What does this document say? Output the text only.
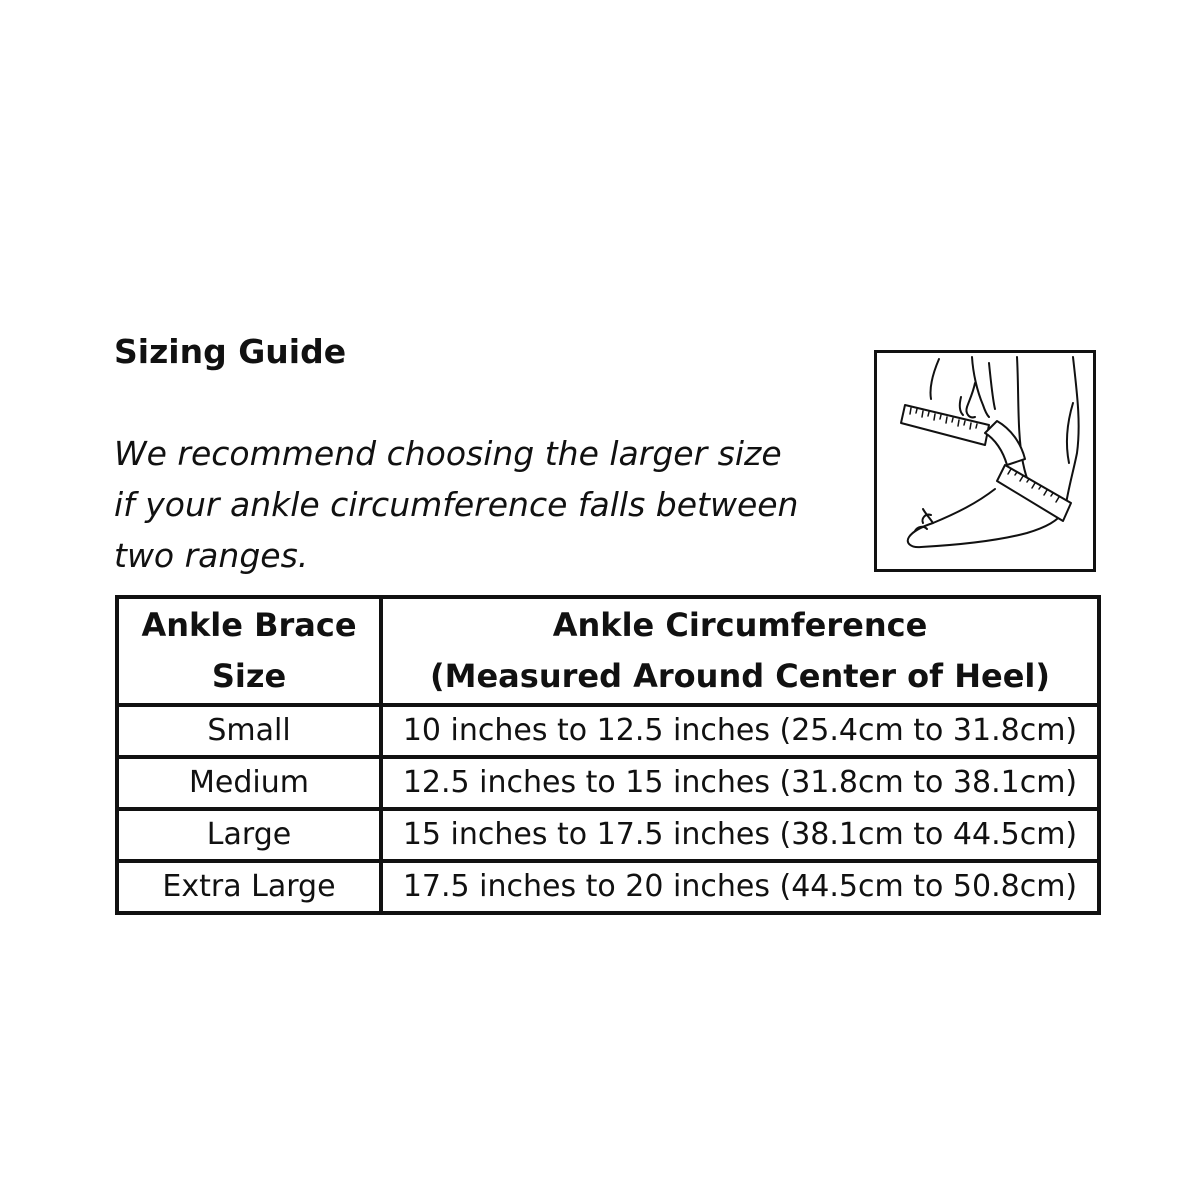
Sizing Guide
We recommend choosing the larger size
if your ankle circumference falls between
two ranges.
Ankle Brace
Size	Ankle Circumference
(Measured Around Center of Heel)

Small	10 inches to 12.5 inches (25.4cm to 31.8cm)
Medium	12.5 inches to 15 inches (31.8cm to 38.1cm)
Large	15 inches to 17.5 inches (38.1cm to 44.5cm)
Extra Large	17.5 inches to 20 inches (44.5cm to 50.8cm)
